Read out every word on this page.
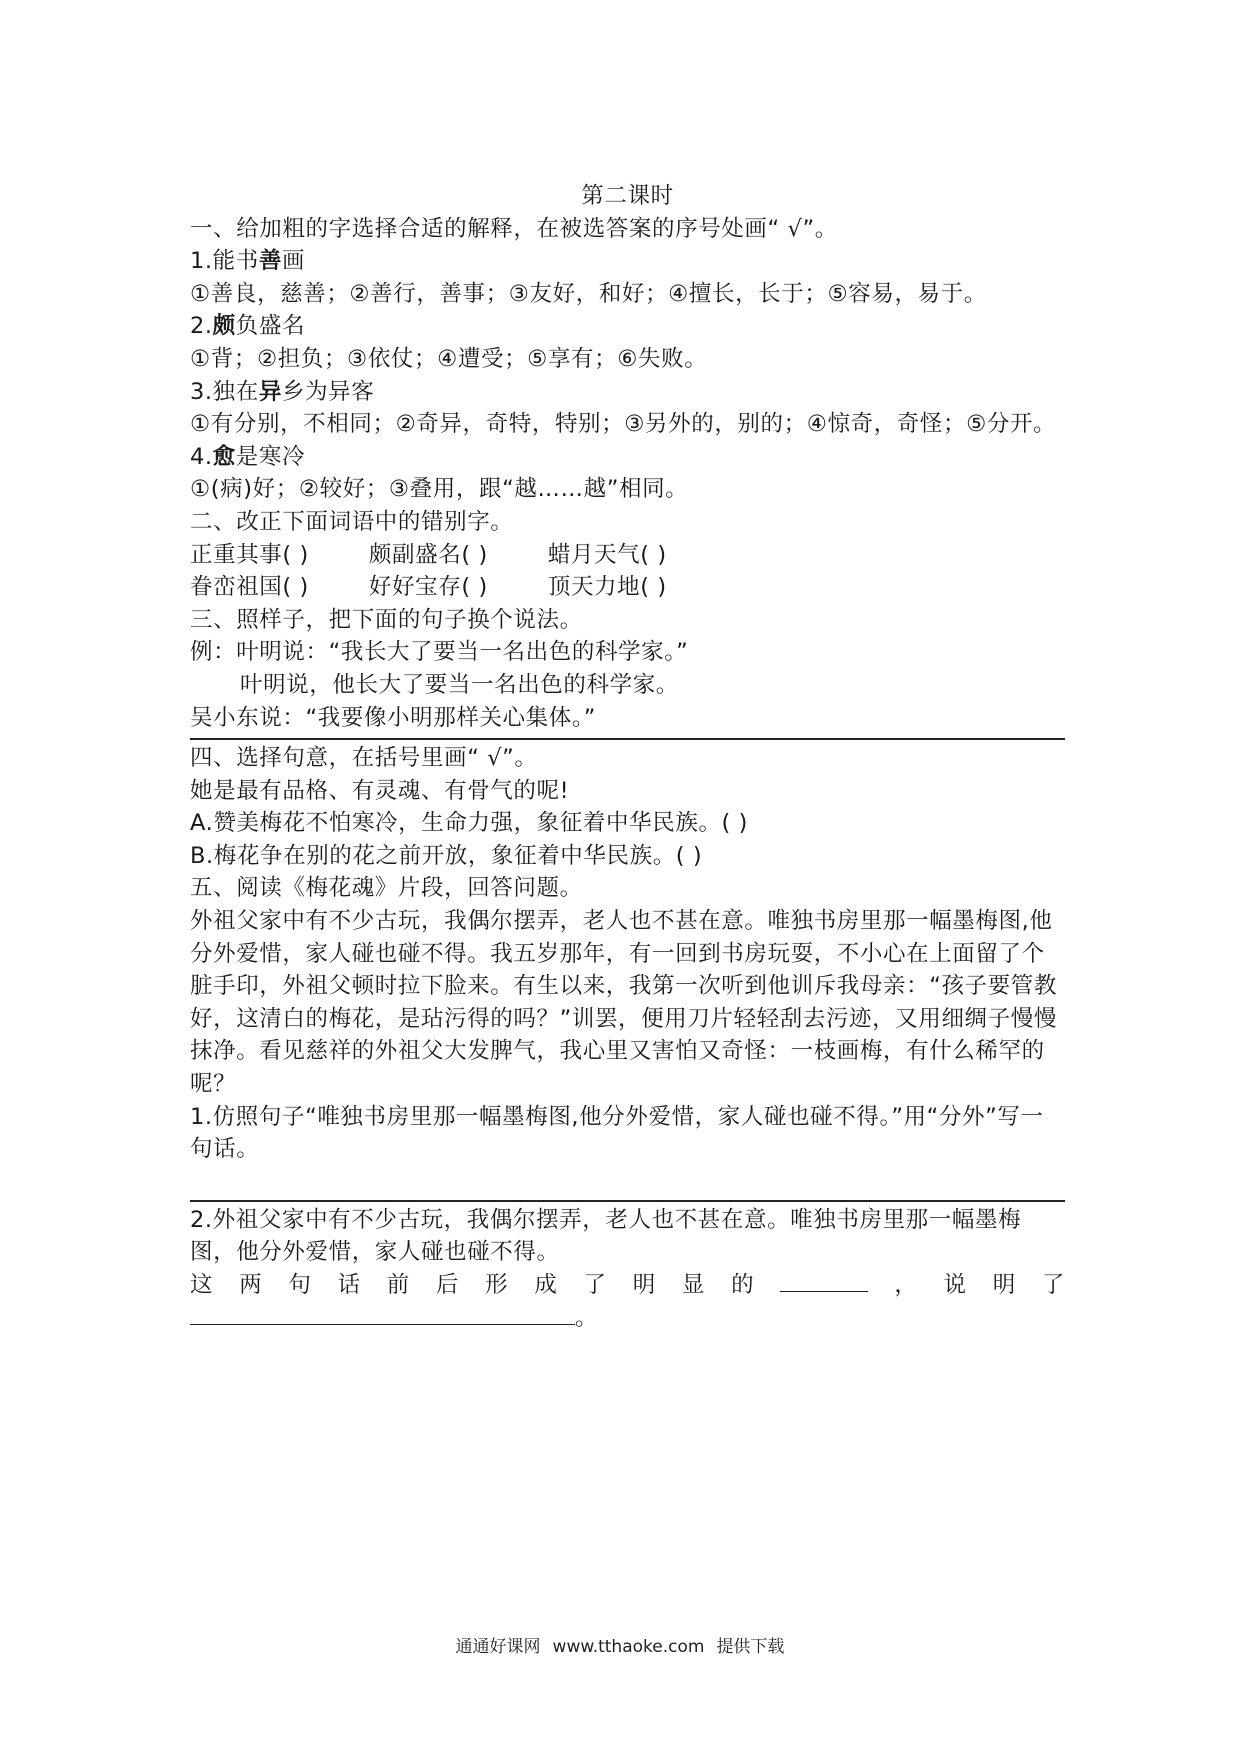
第二课时

一、给加粗的字选择合适的解释，在被选答案的序号处画“ √”。

1.能书善画

①善良，慈善；②善行，善事；③友好，和好；④擅长，长于；⑤容易，易于。

2.颇负盛名

①背；②担负；③依仗；④遭受；⑤享有；⑥失败。

3.独在异乡为异客

①有分别，不相同；②奇异，奇特，特别；③另外的，别的；④惊奇，奇怪；⑤分开。

4.愈是寒冷

①(病)好；②较好；③叠用，跟“越……越”相同。

二、改正下面词语中的错别字。

正重其事( )	颇副盛名( )	蜡月天气( )

眷峦祖国( )	好好宝存( )	顶天力地( )

三、照样子，把下面的句子换个说法。

例：叶明说：“我长大了要当一名出色的科学家。”

叶明说，他长大了要当一名出色的科学家。

吴小东说：“我要像小明那样关心集体。”

四、选择句意，在括号里画“ √”。

她是最有品格、有灵魂、有骨气的呢!

A.赞美梅花不怕寒冷，生命力强，象征着中华民族。( )

B.梅花争在别的花之前开放，象征着中华民族。( )

五、阅读《梅花魂》片段，回答问题。

外祖父家中有不少古玩，我偶尔摆弄，老人也不甚在意。唯独书房里那一幅墨梅图,他分外爱惜，家人碰也碰不得。我五岁那年，有一回到书房玩耍，不小心在上面留了个脏手印，外祖父顿时拉下脸来。有生以来，我第一次听到他训斥我母亲：“孩子要管教好，这清白的梅花，是玷污得的吗？”训罢，便用刀片轻轻刮去污迹，又用细绸子慢慢抹净。看见慈祥的外祖父大发脾气，我心里又害怕又奇怪：一枝画梅，有什么稀罕的呢？

1.仿照句子“唯独书房里那一幅墨梅图,他分外爱惜，家人碰也碰不得。”用“分外”写一句话。

2.外祖父家中有不少古玩，我偶尔摆弄，老人也不甚在意。唯独书房里那一幅墨梅图，他分外爱惜，家人碰也碰不得。

这 两 句 话 前 后 形 成 了 明 显 的	， 说 明 了

。

通通好课网 www.tthaoke.com 提供下载
